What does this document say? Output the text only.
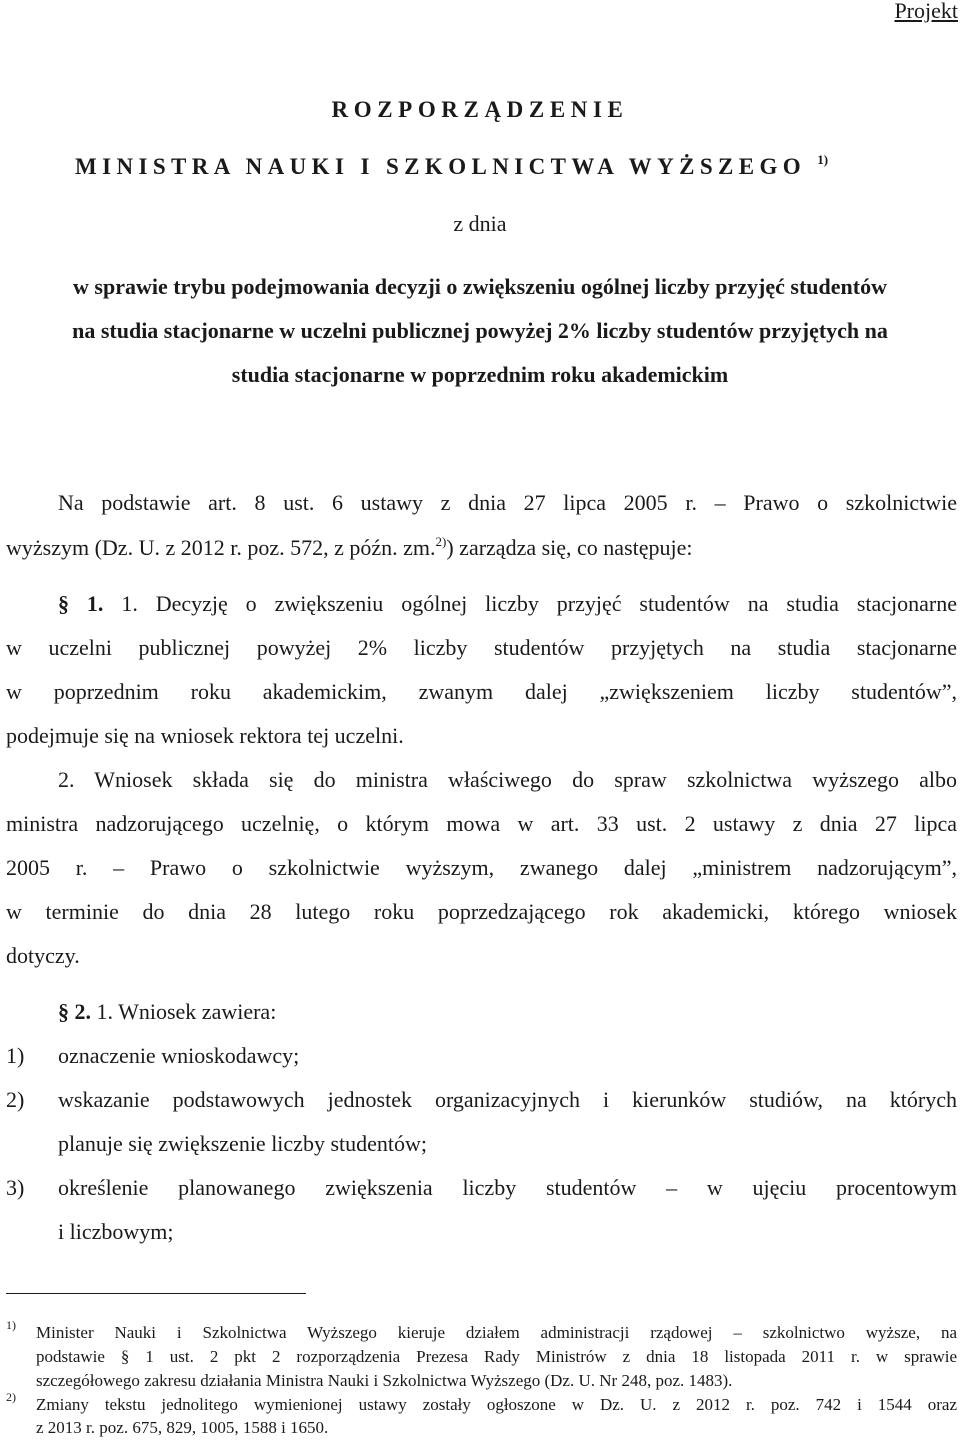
Projekt
ROZPORZĄDZENIE
MINISTRA NAUKI I SZKOLNICTWA WYŻSZEGO $^{1)}$
z dnia
w sprawie trybu podejmowania decyzji o zwiększeniu ogólnej liczby przyjęć studentów
na studia stacjonarne w uczelni publicznej powyżej 2% liczby studentów przyjętych na
studia stacjonarne w poprzednim roku akademickim
Na podstawie art. 8 ust. 6 ustawy z dnia 27 lipca 2005 r. – Prawo o szkolnictwie
wyższym (Dz. U. z 2012 r. poz. 572, z późn. zm.$^{2)}$) zarządza się, co następuje:
§ 1. 1. Decyzję o zwiększeniu ogólnej liczby przyjęć studentów na studia stacjonarne
w uczelni publicznej powyżej 2% liczby studentów przyjętych na studia stacjonarne
w poprzednim roku akademickim, zwanym dalej „zwiększeniem liczby studentów”,
podejmuje się na wniosek rektora tej uczelni.
2. Wniosek składa się do ministra właściwego do spraw szkolnictwa wyższego albo
ministra nadzorującego uczelnię, o którym mowa w art. 33 ust. 2 ustawy z dnia 27 lipca
2005 r. – Prawo o szkolnictwie wyższym, zwanego dalej „ministrem nadzorującym”,
w terminie do dnia 28 lutego roku poprzedzającego rok akademicki, którego wniosek
dotyczy.
§ 2. 1. Wniosek zawiera:
1) oznaczenie wnioskodawcy;
2) wskazanie podstawowych jednostek organizacyjnych i kierunków studiów, na których
planuje się zwiększenie liczby studentów;
3) określenie planowanego zwiększenia liczby studentów – w ujęciu procentowym
i liczbowym;
1) Minister Nauki i Szkolnictwa Wyższego kieruje działem administracji rządowej – szkolnictwo wyższe, na
podstawie § 1 ust. 2 pkt 2 rozporządzenia Prezesa Rady Ministrów z dnia 18 listopada 2011 r. w sprawie
szczegółowego zakresu działania Ministra Nauki i Szkolnictwa Wyższego (Dz. U. Nr 248, poz. 1483).
2) Zmiany tekstu jednolitego wymienionej ustawy zostały ogłoszone w Dz. U. z 2012 r. poz. 742 i 1544 oraz
z 2013 r. poz. 675, 829, 1005, 1588 i 1650.
